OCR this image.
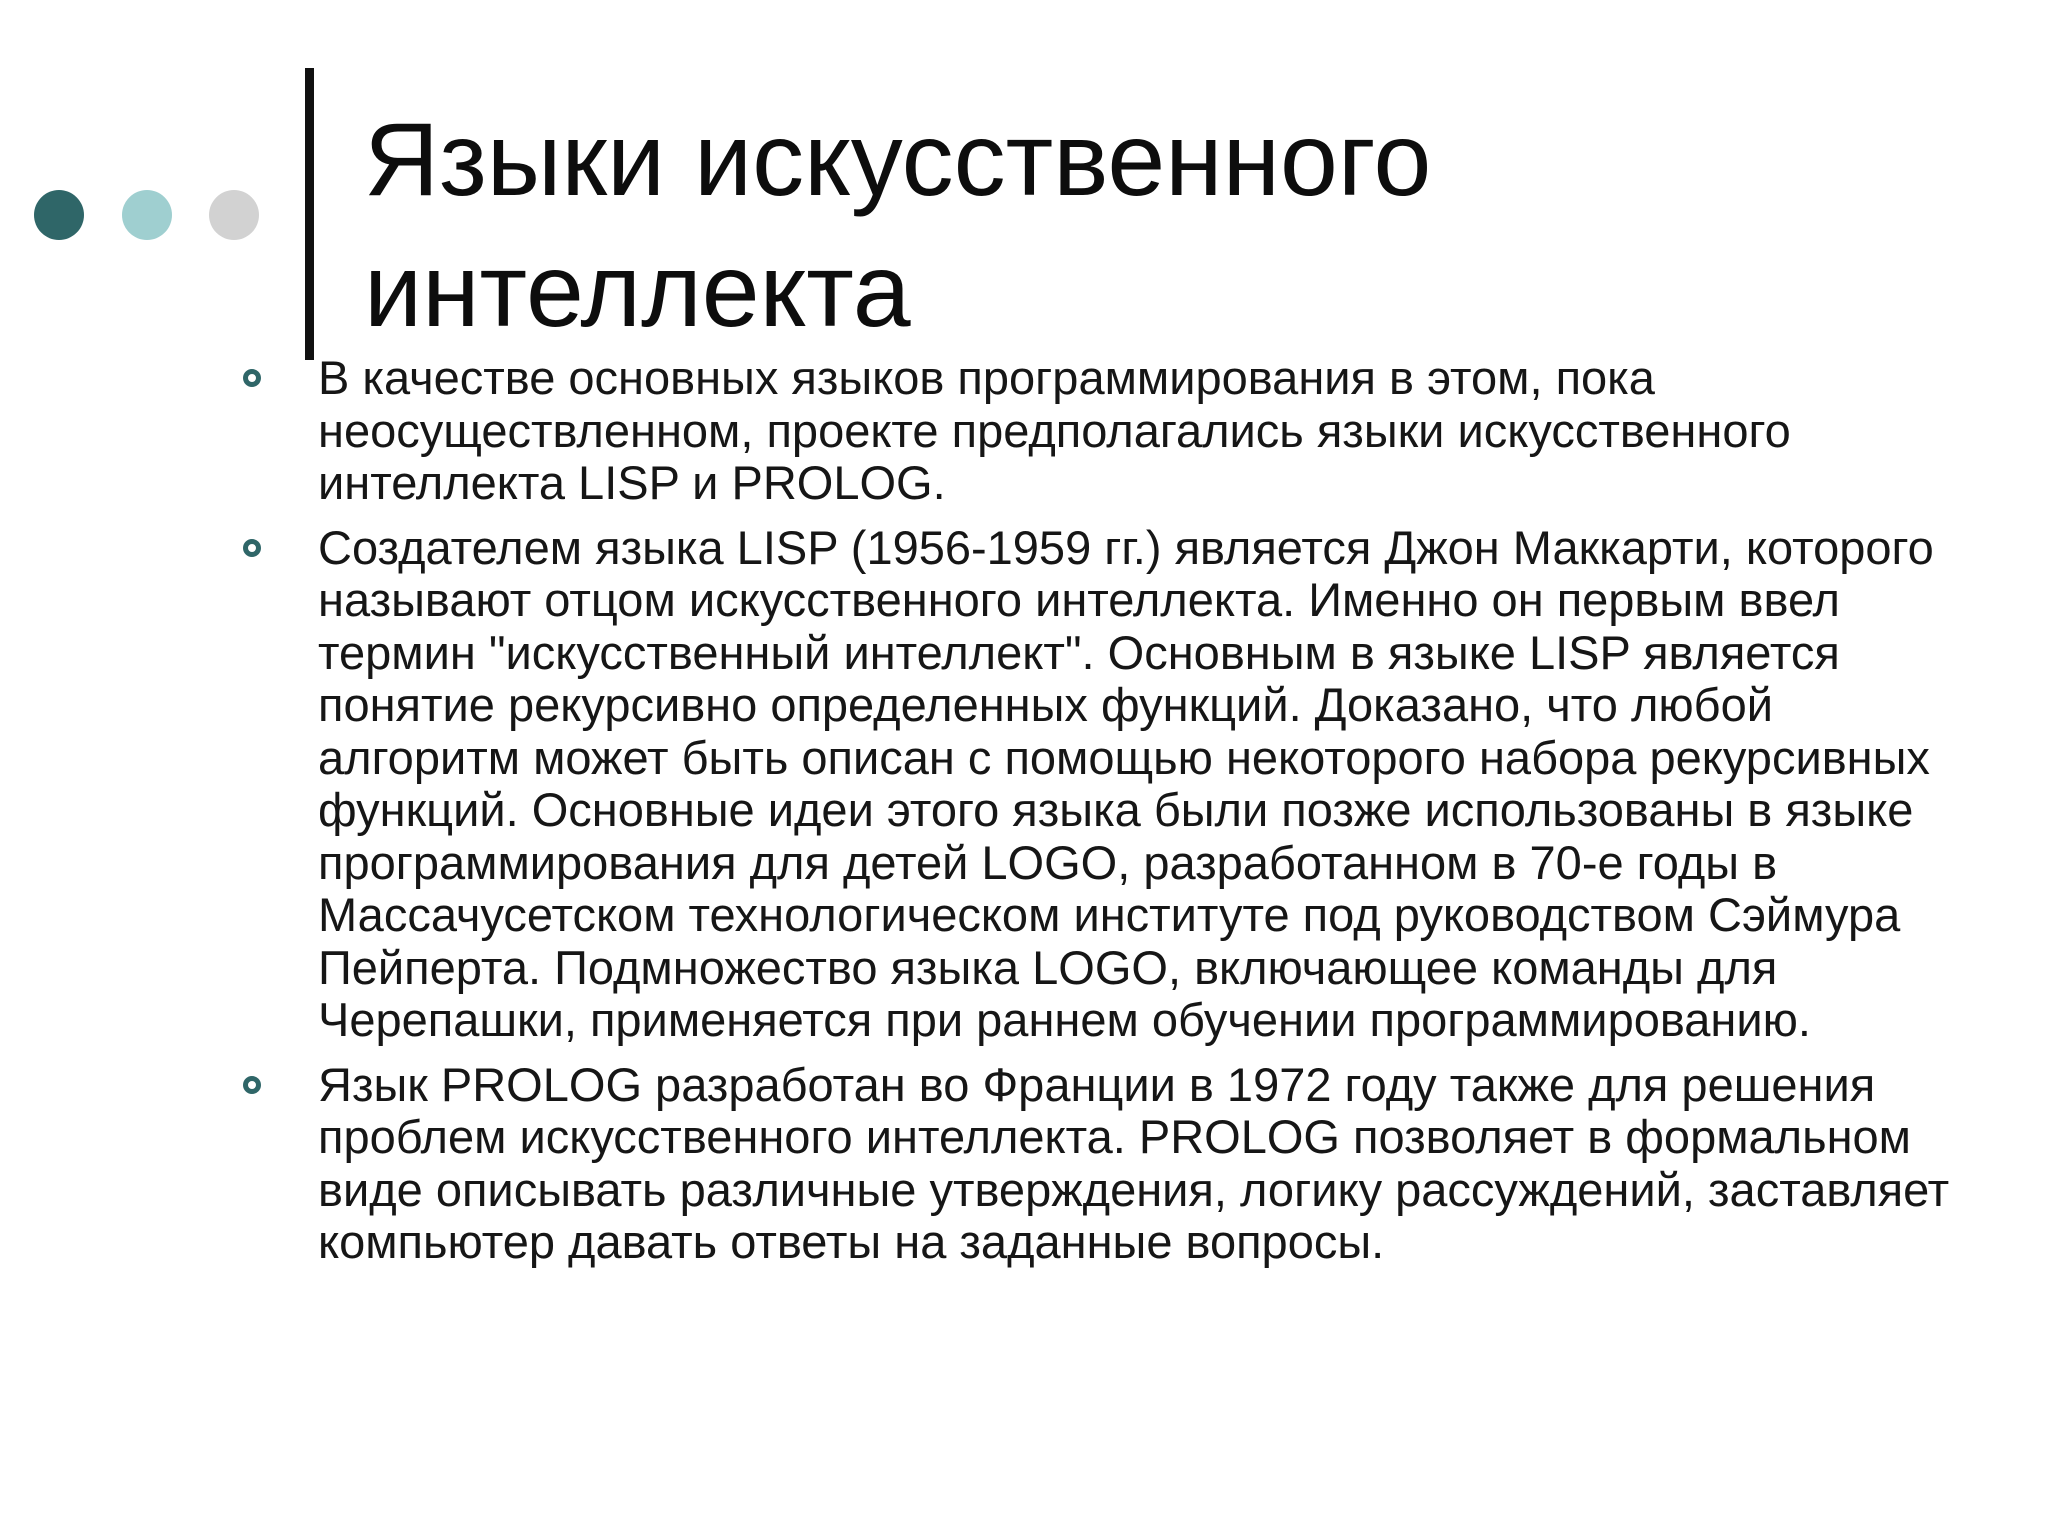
Языки искусственного интеллекта
В качестве основных языков программирования в этом, пока неосуществленном, проекте предполагались языки искусственного интеллекта LISP и PROLOG.
Создателем языка LISP (1956-1959 гг.) является Джон Маккарти, которого называют отцом искусственного интеллекта. Именно он первым ввел термин "искусственный интеллект". Основным в языке LISP является понятие рекурсивно определенных функций. Доказано, что любой алгоритм может быть описан с помощью некоторого набора рекурсивных функций. Основные идеи этого языка были позже использованы в языке программирования для детей LOGO, разработанном в 70-е годы в Массачусетском технологическом институте под руководством Сэймура Пейперта. Подмножество языка LOGO, включающее команды для Черепашки, применяется при раннем обучении программированию.
Язык PROLOG разработан во Франции в 1972 году также для решения проблем искусственного интеллекта. PROLOG позволяет в формальном виде описывать различные утверждения, логику рассуждений, заставляет компьютер давать ответы на заданные вопросы.
